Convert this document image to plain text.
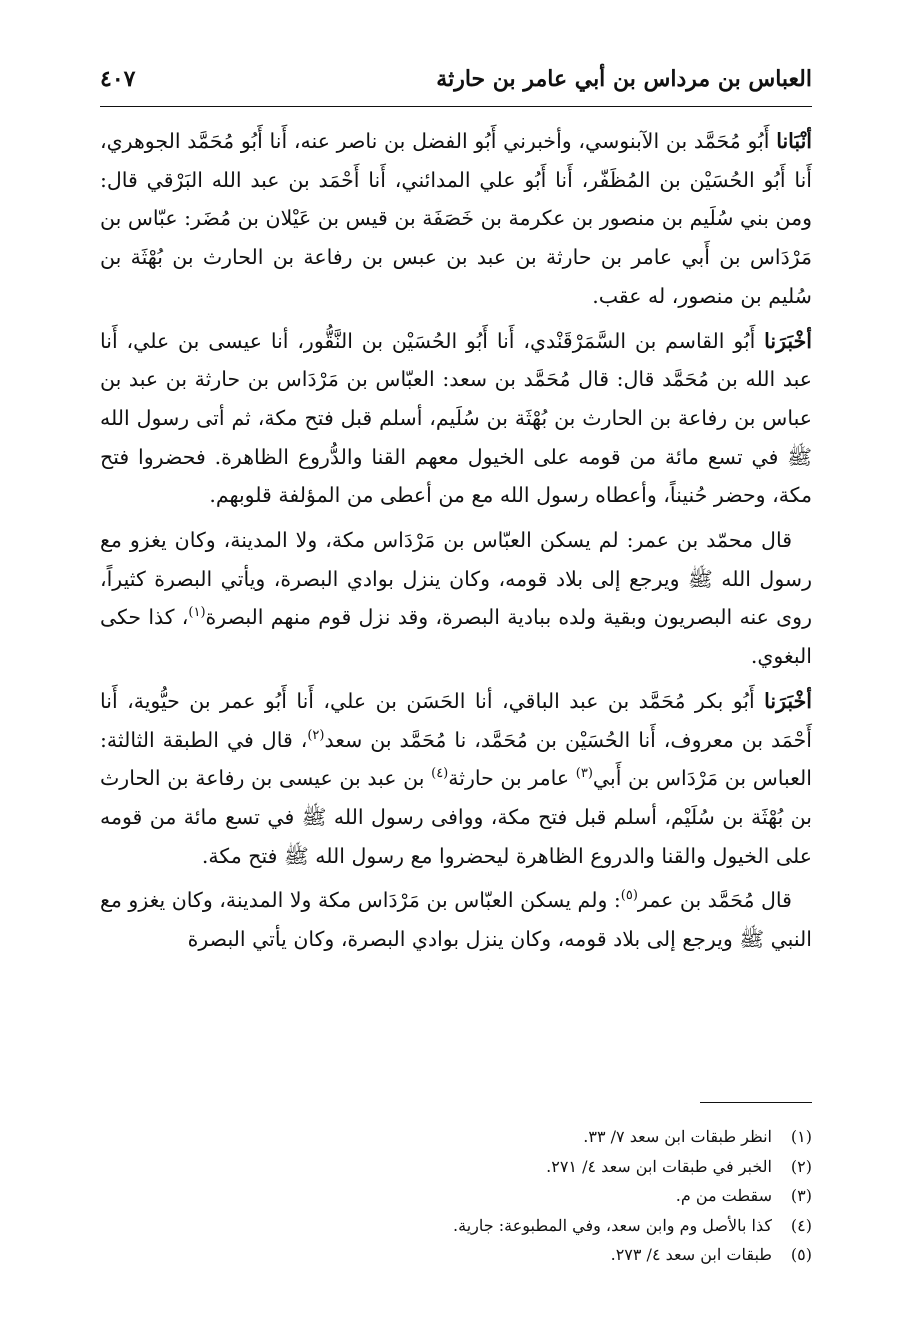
العباس بن مرداس بن أبي عامر بن حارثة
٤٠٧

أنْبَانا أَبُو مُحَمَّد بن الآبنوسي، وأخبرني أَبُو الفضل بن ناصر عنه، أَنا أَبُو مُحَمَّد الجوهري، أَنا أَبُو الحُسَيْن بن المُظَفّر، أَنا أَبُو علي المدائني، أَنا أَحْمَد بن عبد الله البَرْقي قال: ومن بني سُلَيم بن منصور بن عكرمة بن خَصَفَة بن قيس بن عَيْلان بن مُضَر: عبّاس بن مَرْدَاس بن أَبي عامر بن حارثة بن عبد بن عبس بن رفاعة بن الحارث بن بُهْثَة بن سُليم بن منصور، له عقب.

أخْبَرَنا أَبُو القاسم بن السَّمَرْقَنْدي، أَنا أَبُو الحُسَيْن بن النَّقُّور، أنا عيسى بن علي، أَنا عبد الله بن مُحَمَّد قال: قال مُحَمَّد بن سعد: العبّاس بن مَرْدَاس بن حارثة بن عبد بن عباس بن رفاعة بن الحارث بن بُهْثَة بن سُلَيم، أسلم قبل فتح مكة، ثم أتى رسول الله ﷺ في تسع مائة من قومه على الخيول معهم القنا والدُّروع الظاهرة. فحضروا فتح مكة، وحضر حُنيناً، وأعطاه رسول الله مع من أعطى من المؤلفة قلوبهم.

قال محمّد بن عمر: لم يسكن العبّاس بن مَرْدَاس مكة، ولا المدينة، وكان يغزو مع رسول الله ﷺ ويرجع إلى بلاد قومه، وكان ينزل بوادي البصرة، ويأتي البصرة كثيراً، روى عنه البصريون وبقية ولده ببادية البصرة، وقد نزل قوم منهم البصرة$^{(١)}$، كذا حكى البغوي.

أخْبَرَنا أَبُو بكر مُحَمَّد بن عبد الباقي، أنا الحَسَن بن علي، أَنا أَبُو عمر بن حيُّوية، أَنا أَحْمَد بن معروف، أَنا الحُسَيْن بن مُحَمَّد، نا مُحَمَّد بن سعد$^{(٢)}$، قال في الطبقة الثالثة: العباس بن مَرْدَاس بن أَبي$^{(٣)}$ عامر بن حارثة$^{(٤)}$ بن عبد بن عيسى بن رفاعة بن الحارث بن بُهْثَة بن سُلَيْم، أسلم قبل فتح مكة، ووافى رسول الله ﷺ في تسع مائة من قومه على الخيول والقنا والدروع الظاهرة ليحضروا مع رسول الله ﷺ فتح مكة.

قال مُحَمَّد بن عمر$^{(٥)}$: ولم يسكن العبّاس بن مَرْدَاس مكة ولا المدينة، وكان يغزو مع النبي ﷺ ويرجع إلى بلاد قومه، وكان ينزل بوادي البصرة، وكان يأتي البصرة

(١)انظر طبقات ابن سعد ٧/ ٣٣.
(٢)الخبر في طبقات ابن سعد ٤/ ٢٧١.
(٣)سقطت من م.
(٤)كذا بالأصل وم وابن سعد، وفي المطبوعة: جارية.
(٥)طبقات ابن سعد ٤/ ٢٧٣.
